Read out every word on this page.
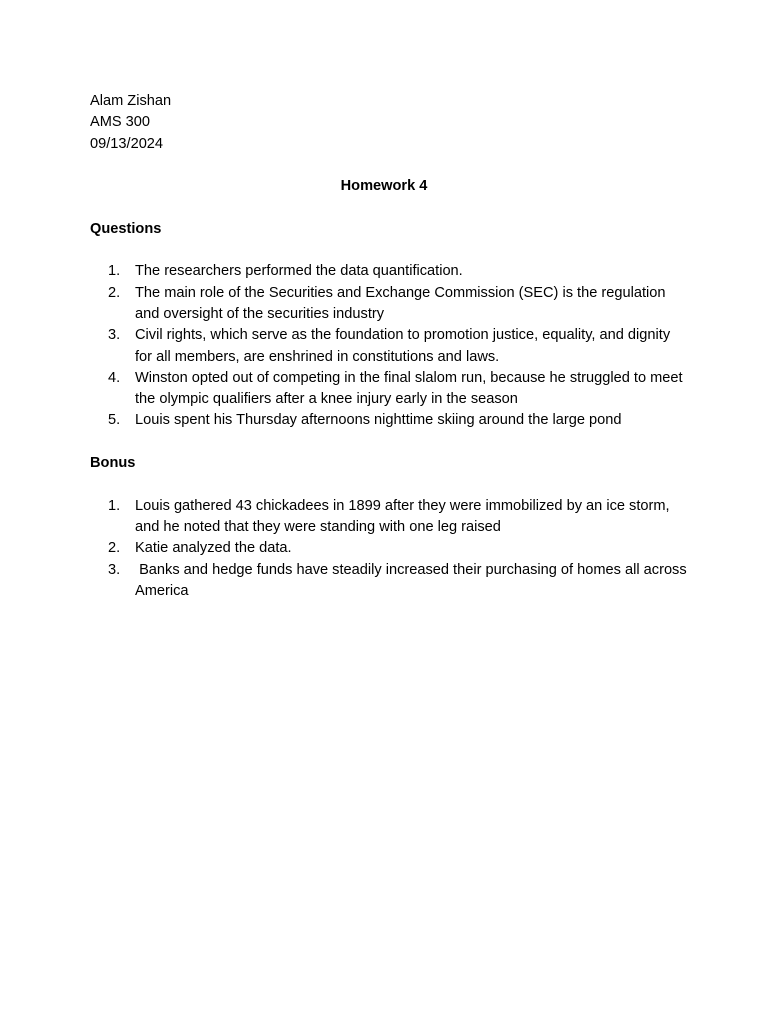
Alam Zishan
AMS 300
09/13/2024
Homework 4
Questions
1.	The researchers performed the data quantification.
2.	The main role of the Securities and Exchange Commission (SEC) is the regulation and oversight of the securities industry
3.	Civil rights, which serve as the foundation to promotion justice, equality, and dignity for all members, are enshrined in constitutions and laws.
4.	Winston opted out of competing in the final slalom run, because he struggled to meet the olympic qualifiers after a knee injury early in the season
5.	Louis spent his Thursday afternoons nighttime skiing around the large pond
Bonus
1.	Louis gathered 43 chickadees in 1899 after they were immobilized by an ice storm, and he noted that they were standing with one leg raised
2.	Katie analyzed the data.
3.	Banks and hedge funds have steadily increased their purchasing of homes all across America
